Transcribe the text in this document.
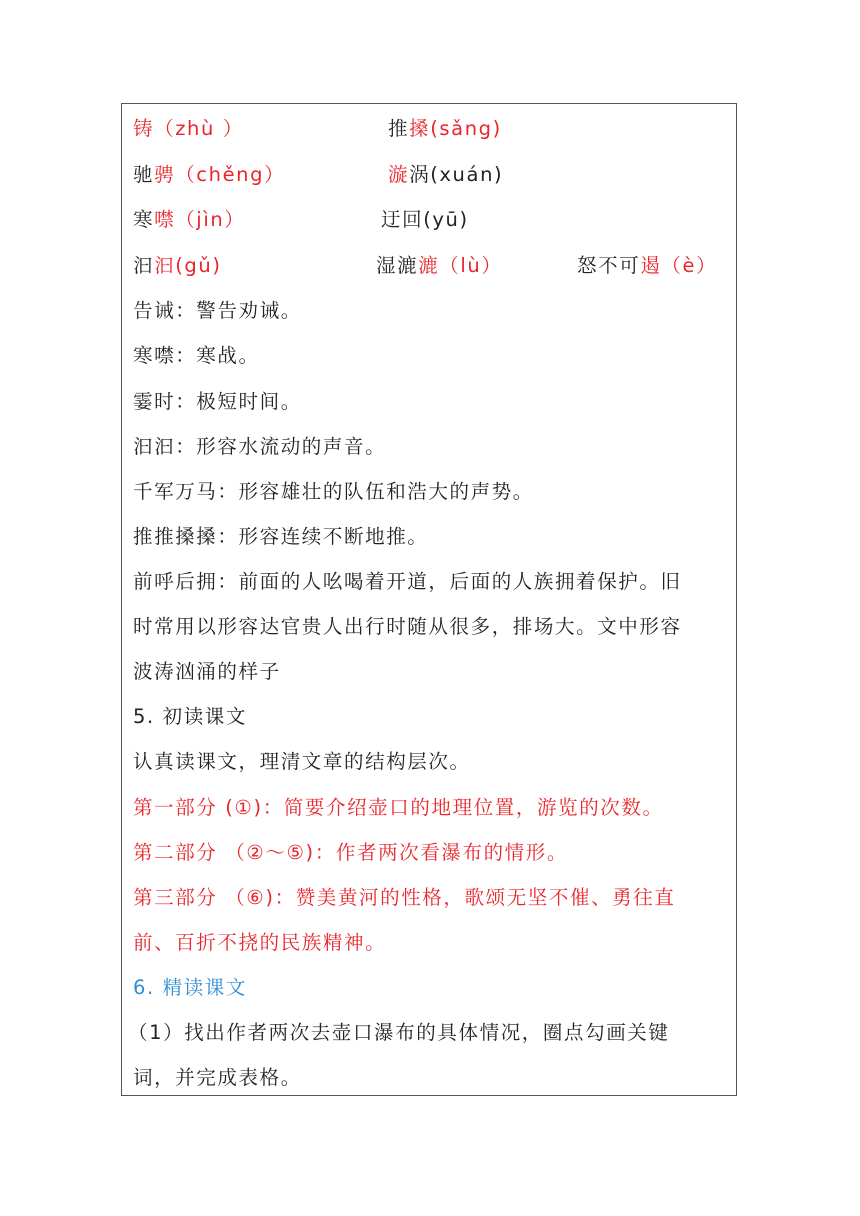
铸（zhù ）	推搡(sǎng)
驰骋（chěng）	漩涡(xuán)
寒噤（jìn）	迂回(yū)
汩汩(gǔ)	湿漉漉（lù）	怒不可遏（è）
告诫：警告劝诫。
寒噤：寒战。
霎时：极短时间。
汩汩：形容水流动的声音。
千军万马：形容雄壮的队伍和浩大的声势。
推推搡搡：形容连续不断地推。
前呼后拥：前面的人吆喝着开道，后面的人族拥着保护。旧
时常用以形容达官贵人出行时随从很多，排场大。文中形容
波涛汹涌的样子
5. 初读课文
认真读课文，理清文章的结构层次。
第一部分 (①)：简要介绍壶口的地理位置，游览的次数。
第二部分 （②～⑤)：作者两次看瀑布的情形。
第三部分 （⑥)：赞美黄河的性格，歌颂无坚不催、勇往直
前、百折不挠的民族精神。
6. 精读课文
（1）找出作者两次去壶口瀑布的具体情况，圈点勾画关键
词，并完成表格。
